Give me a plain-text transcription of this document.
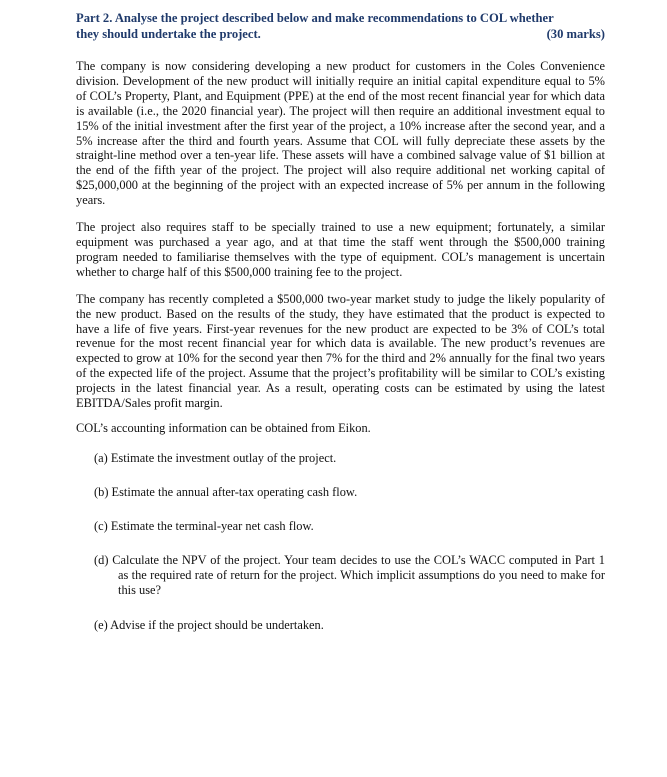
Part 2. Analyse the project described below and make recommendations to COL whether
they should undertake the project.	(30 marks)

The company is now considering developing a new product for customers in the Coles Convenience division. Development of the new product will initially require an initial capital expenditure equal to 5% of COL’s Property, Plant, and Equipment (PPE) at the end of the most recent financial year for which data is available (i.e., the 2020 financial year). The project will then require an additional investment equal to 15% of the initial investment after the first year of the project, a 10% increase after the second year, and a 5% increase after the third and fourth years. Assume that COL will fully depreciate these assets by the straight-line method over a ten-year life. These assets will have a combined salvage value of $1 billion at the end of the fifth year of the project. The project will also require additional net working capital of $25,000,000 at the beginning of the project with an expected increase of 5% per annum in the following years.

The project also requires staff to be specially trained to use a new equipment; fortunately, a similar equipment was purchased a year ago, and at that time the staff went through the $500,000 training program needed to familiarise themselves with the type of equipment. COL’s management is uncertain whether to charge half of this $500,000 training fee to the project.

The company has recently completed a $500,000 two-year market study to judge the likely popularity of the new product. Based on the results of the study, they have estimated that the product is expected to have a life of five years. First-year revenues for the new product are expected to be 3% of COL’s total revenue for the most recent financial year for which data is available. The new product’s revenues are expected to grow at 10% for the second year then 7% for the third and 2% annually for the final two years of the expected life of the project. Assume that the project’s profitability will be similar to COL’s existing projects in the latest financial year. As a result, operating costs can be estimated by using the latest EBITDA/Sales profit margin.

COL’s accounting information can be obtained from Eikon.

(a) Estimate the investment outlay of the project.
(b) Estimate the annual after-tax operating cash flow.
(c) Estimate the terminal-year net cash flow.
(d) Calculate the NPV of the project. Your team decides to use the COL’s WACC computed in Part 1 as the required rate of return for the project. Which implicit assumptions do you need to make for this use?
(e) Advise if the project should be undertaken.
